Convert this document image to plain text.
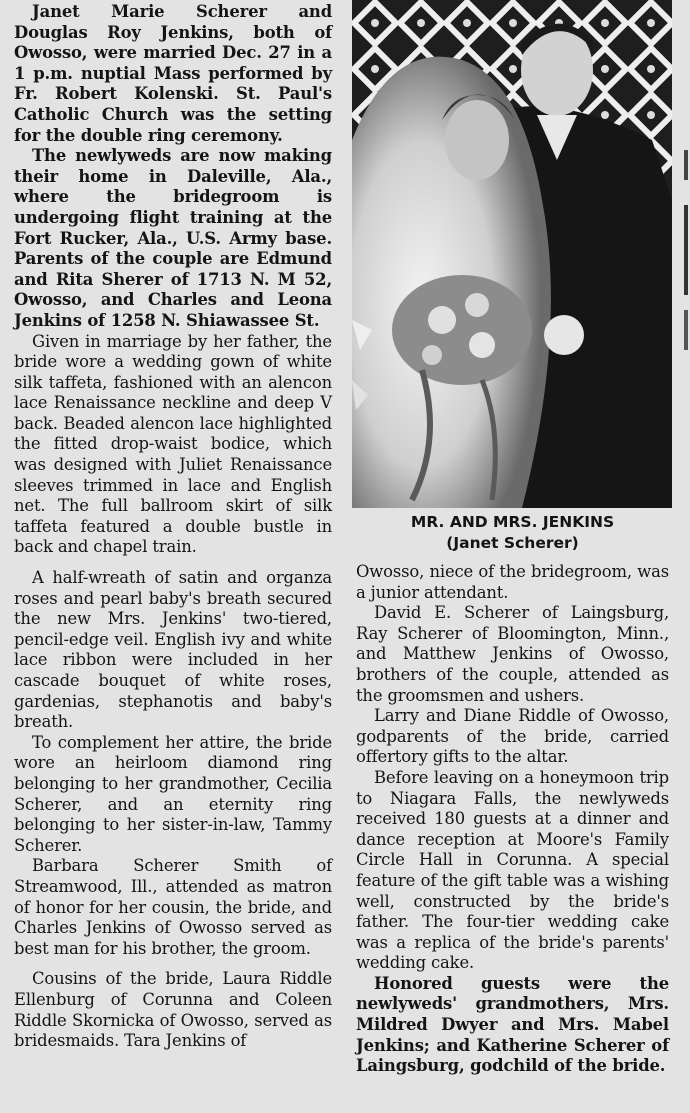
Janet Marie Scherer and Douglas Roy Jenkins, both of Owosso, were married Dec. 27 in a 1 p.m. nuptial Mass performed by Fr. Robert Kolenski. St. Paul's Catholic Church was the setting for the double ring ceremony.

The newlyweds are now making their home in Daleville, Ala., where the bridegroom is undergoing flight training at the Fort Rucker, Ala., U.S. Army base. Parents of the couple are Edmund and Rita Sherer of 1713 N. M 52, Owosso, and Charles and Leona Jenkins of 1258 N. Shiawassee St.

Given in marriage by her father, the bride wore a wedding gown of white silk taffeta, fashioned with an alencon lace Renaissance neckline and deep V back. Beaded alencon lace highlighted the fitted drop-waist bodice, which was designed with Juliet Renaissance sleeves trimmed in lace and English net. The full ballroom skirt of silk taffeta featured a double bustle in back and chapel train.

A half-wreath of satin and organza roses and pearl baby's breath secured the new Mrs. Jenkins' two-tiered, pencil-edge veil. English ivy and white lace ribbon were included in her cascade bouquet of white roses, gardenias, stephanotis and baby's breath.

To complement her attire, the bride wore an heirloom diamond ring belonging to her grandmother, Cecilia Scherer, and an eternity ring belonging to her sister-in-law, Tammy Scherer.

Barbara Scherer Smith of Streamwood, Ill., attended as matron of honor for her cousin, the bride, and Charles Jenkins of Owosso served as best man for his brother, the groom.

Cousins of the bride, Laura Riddle Ellenburg of Corunna and Coleen Riddle Skornicka of Owosso, served as bridesmaids. Tara Jenkins of

MR. AND MRS. JENKINS
(Janet Scherer)

Owosso, niece of the bridegroom, was a junior attendant.

David E. Scherer of Laingsburg, Ray Scherer of Bloomington, Minn., and Matthew Jenkins of Owosso, brothers of the couple, attended as the groomsmen and ushers.

Larry and Diane Riddle of Owosso, godparents of the bride, carried offertory gifts to the altar.

Before leaving on a honeymoon trip to Niagara Falls, the newlyweds received 180 guests at a dinner and dance reception at Moore's Family Circle Hall in Corunna. A special feature of the gift table was a wishing well, constructed by the bride's father. The four-tier wedding cake was a replica of the bride's parents' wedding cake.

Honored guests were the newlyweds' grandmothers, Mrs. Mildred Dwyer and Mrs. Mabel Jenkins; and Katherine Scherer of Laingsburg, godchild of the bride.
